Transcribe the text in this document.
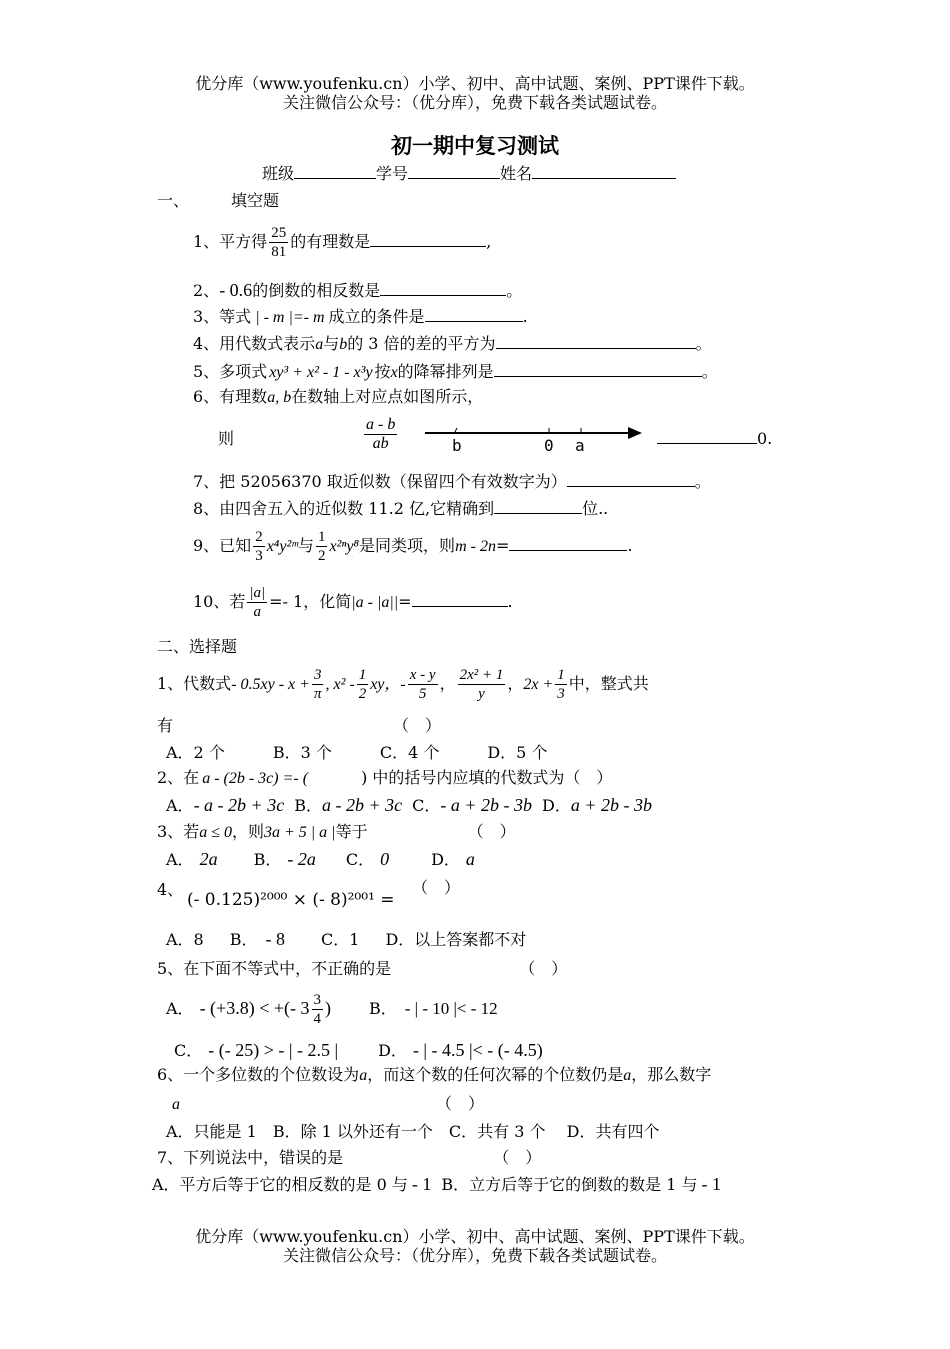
优分库（www.youfenku.cn）小学、初中、高中试题、案例、PPT课件下载。
关注微信公众号：（优分库），免费下载各类试题试卷。
初一期中复习测试
班级	学号	姓名
一、	填空题
1、平方得 $\frac{25}{81}$ 的有理数是	,
2、- 0.6的倒数的相反数是	。
3、等式 | - m |=- m 成立的条件是	.
4、用代数式表示a与b的 3 倍的差的平方为	。
5、多项式 xy³ + x² - 1 - x³y 按x的降幂排列是	。
6、有理数a, b在数轴上对应点如图所示，
则	$\frac{a - b}{ab}$	b	0 a	0.
7、把 52056370 取近似数（保留四个有效数字为）	。
8、由四舍五入的近似数 11.2 亿,它精确到	位..
9、已知 $\frac{2}{3}$ x⁴y²ᵐ与 $\frac{1}{2} x^{2n}y^8$是同类项，则m - 2n=	.
10、若 $\frac{|a|}{a} =- 1$，化简|a - |a||=	.
二、选择题
1、代数式- $0.5xy - x + \frac{3}{\pi}$ , $x^2 - \frac{1}{2}$ xy，- $\frac{x - y}{5}$ ， $\frac{\text{2x² + 1}}{y}$ ，$2x + \frac{1}{3}$ 中，整式共
有	（　）
A．2 个　　　B．3 个　　　C．4 个　　　D．5 个
2、在 a - (2b - 3c) =- (	) 中的括号内应填的代数式为（　）
A．- a - 2b + 3c B．a - 2b + 3c C．- a + 2b - 3b D．a + 2b - 3b
3、若a ≤ 0，则3a + 5 | a |等于	（　）
A． 2a B． - 2a C． 0	D． a
4、
(- 0.125)²⁰⁰⁰ × (- 8)²⁰⁰¹ =
（　）
A．8 B． - 8 C．1 D．以上答案都不对
5、在下面不等式中，不正确的是	（　）
A． - (+3.8) < +(- $3 \frac{3}{4}$ ) B． - | - 10 |< - 12
C． - (- 25) > - | - 2.5 |	D． - | - 4.5 |< - (- 4.5)
6、一个多位数的个位数设为a，而这个数的任何次幂的个位数仍是a，那么数字
a	（　）
A．只能是 1　B．除 1 以外还有一个　C．共有 3 个　 D．共有四个
7、下列说法中，错误的是	（　）
A．平方后等于它的相反数的是 0 与 - 1 B．立方后等于它的倒数的数是 1 与 - 1
优分库（www.youfenku.cn）小学、初中、高中试题、案例、PPT课件下载。
关注微信公众号：（优分库），免费下载各类试题试卷。
